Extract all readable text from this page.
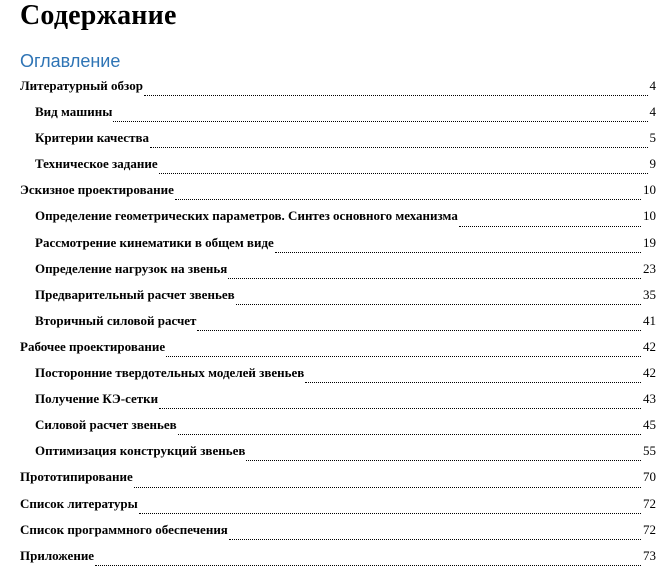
Содержание
Оглавление
Литературный обзор	4
Вид машины	4
Критерии качества	5
Техническое задание	9
Эскизное проектирование	10
Определение геометрических параметров. Синтез основного механизма	10
Рассмотрение кинематики в общем виде	19
Определение нагрузок на звенья	23
Предварительный расчет звеньев	35
Вторичный силовой расчет	41
Рабочее проектирование	42
Посторонние твердотельных моделей звеньев	42
Получение КЭ-сетки	43
Силовой расчет звеньев	45
Оптимизация конструкций звеньев	55
Прототипирование	70
Список литературы	72
Список программного обеспечения	72
Приложение	73
